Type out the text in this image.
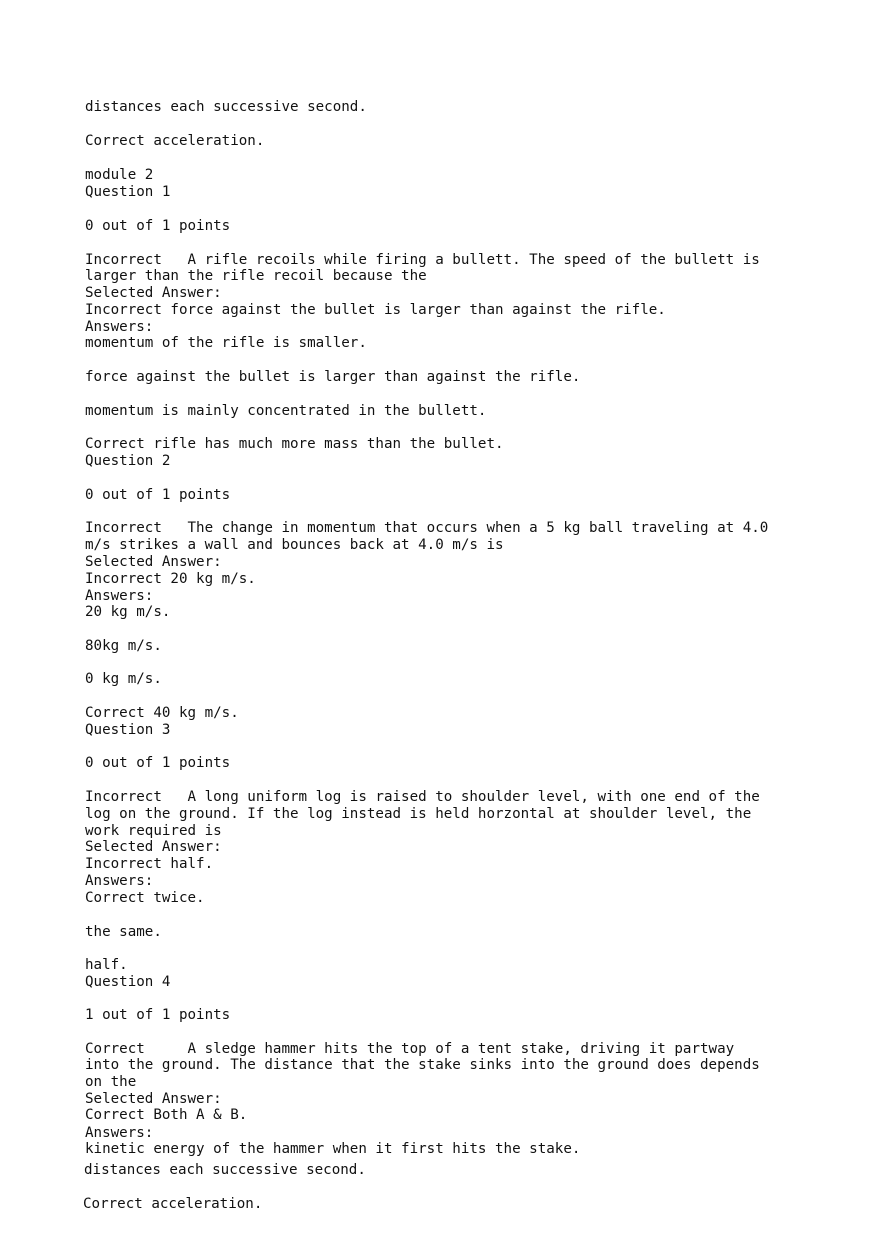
distances each successive second.

Correct acceleration.

module 2

Question 1

0 out of 1 points

Incorrect   A rifle recoils while firing a bullett. The speed of the bullett is

larger than the rifle recoil because the

Selected Answer:

Incorrect force against the bullet is larger than against the rifle.

Answers:

momentum of the rifle is smaller.

force against the bullet is larger than against the rifle.

momentum is mainly concentrated in the bullett.

Correct rifle has much more mass than the bullet.

Question 2

0 out of 1 points

Incorrect   The change in momentum that occurs when a 5 kg ball traveling at 4.0

m/s strikes a wall and bounces back at 4.0 m/s is

Selected Answer:

Incorrect 20 kg m/s.

Answers:

20 kg m/s.

80kg m/s.

0 kg m/s.

Correct 40 kg m/s.

Question 3

0 out of 1 points

Incorrect   A long uniform log is raised to shoulder level, with one end of the

log on the ground. If the log instead is held horzontal at shoulder level, the

work required is

Selected Answer:

Incorrect half.

Answers:

Correct twice.

the same.

half.

Question 4

1 out of 1 points

Correct     A sledge hammer hits the top of a tent stake, driving it partway

into the ground. The distance that the stake sinks into the ground does depends

on the

Selected Answer:

Correct Both A & B.

Answers:

kinetic energy of the hammer when it first hits the stake.

distances each successive second.

Correct acceleration.
